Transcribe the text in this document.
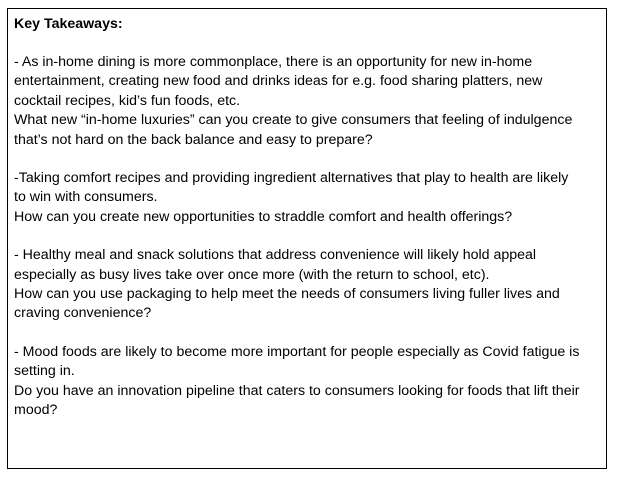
Key Takeaways:

- As in-home dining is more commonplace, there is an opportunity for new in-home
entertainment, creating new food and drinks ideas for e.g. food sharing platters, new
cocktail recipes, kid’s fun foods, etc.
What new “in-home luxuries” can you create to give consumers that feeling of indulgence
that’s not hard on the back balance and easy to prepare?
-Taking comfort recipes and providing ingredient alternatives that play to health are likely
to win with consumers.
How can you create new opportunities to straddle comfort and health offerings?
- Healthy meal and snack solutions that address convenience will likely hold appeal
especially as busy lives take over once more (with the return to school, etc).
How can you use packaging to help meet the needs of consumers living fuller lives and
craving convenience?
- Mood foods are likely to become more important for people especially as Covid fatigue is
setting in.
Do you have an innovation pipeline that caters to consumers looking for foods that lift their
mood?
